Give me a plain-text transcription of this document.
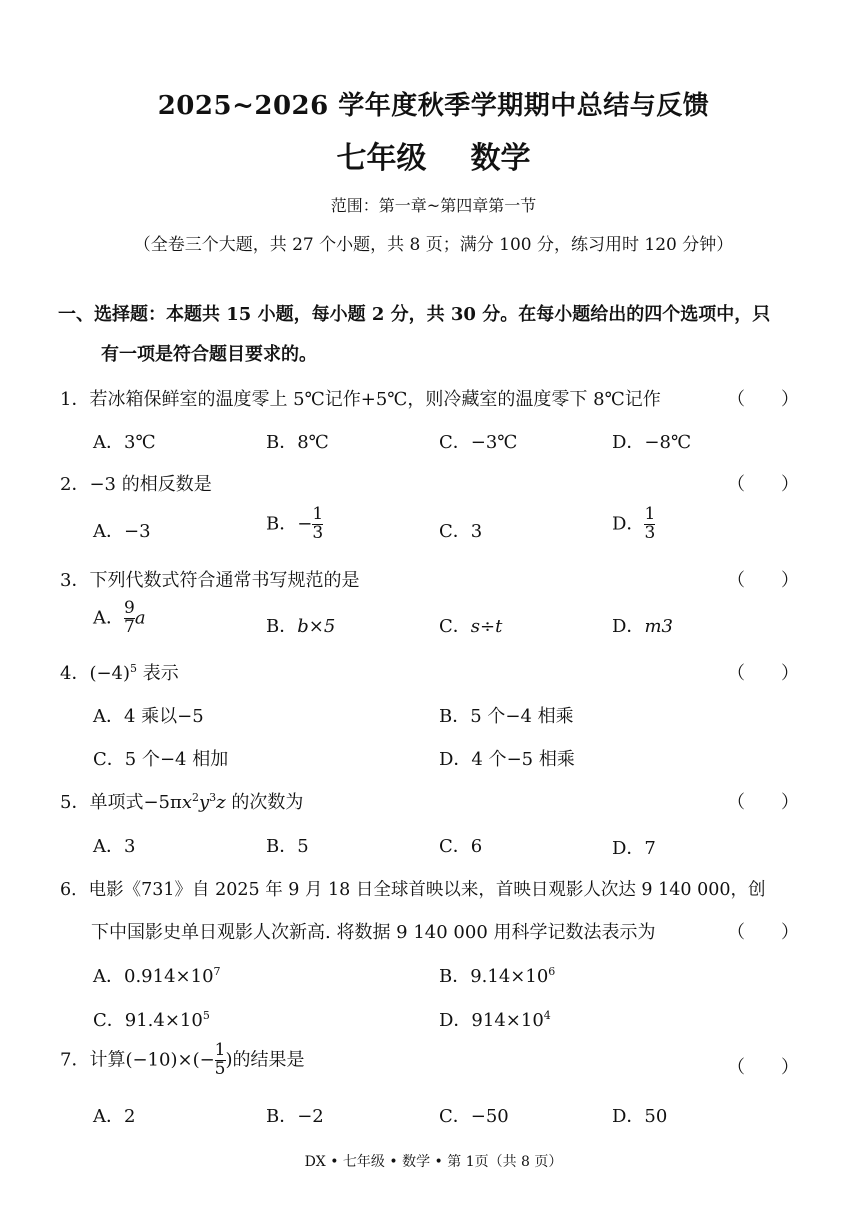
2025~2026 学年度秋季学期期中总结与反馈
七年级 数学
范围：第一章~第四章第一节
（全卷三个大题，共 27 个小题，共 8 页；满分 100 分，练习用时 120 分钟）
一、选择题：本题共 15 小题，每小题 2 分，共 30 分。在每小题给出的四个选项中，只
有一项是符合题目要求的。
1．若冰箱保鲜室的温度零上 5℃记作+5℃，则冷藏室的温度零下 8℃记作	（　　）
A．3℃	B．8℃	C．−3℃	D．−8℃
2．−3 的相反数是	（　　）
A．−3	B．− $\frac{1}{3}$	C．3	D． $\frac{1}{3}$
3．下列代数式符合通常书写规范的是	（　　）
A． $\frac{9}{7}$ a	B．b×5	C．s÷t	D．m3
4．$(-4)^5$ 表示	（　　）
A．4 乘以−5	B．5 个−4 相乘
C．5 个−4 相加	D．4 个−5 相乘
5．单项式$-5\pi x^2y^3z$ 的次数为	（　　）
A．3	B．5	C．6	D．7
6．电影《731》自 2025 年 9 月 18 日全球首映以来，首映日观影人次达 9 140 000，创
下中国影史单日观影人次新高. 将数据 9 140 000 用科学记数法表示为	（　　）
A．$0.914\times 10^7$	B．$9.14\times 10^6$
C．$91.4\times 10^5$	D．$914\times 10^4$
7．计算$(-10)\times(- \frac{1}{5}$ )的结果是	（　　）
A．2	B．−2	C．−50	D．50
DX • 七年级 • 数学 • 第 1页（共 8 页）
